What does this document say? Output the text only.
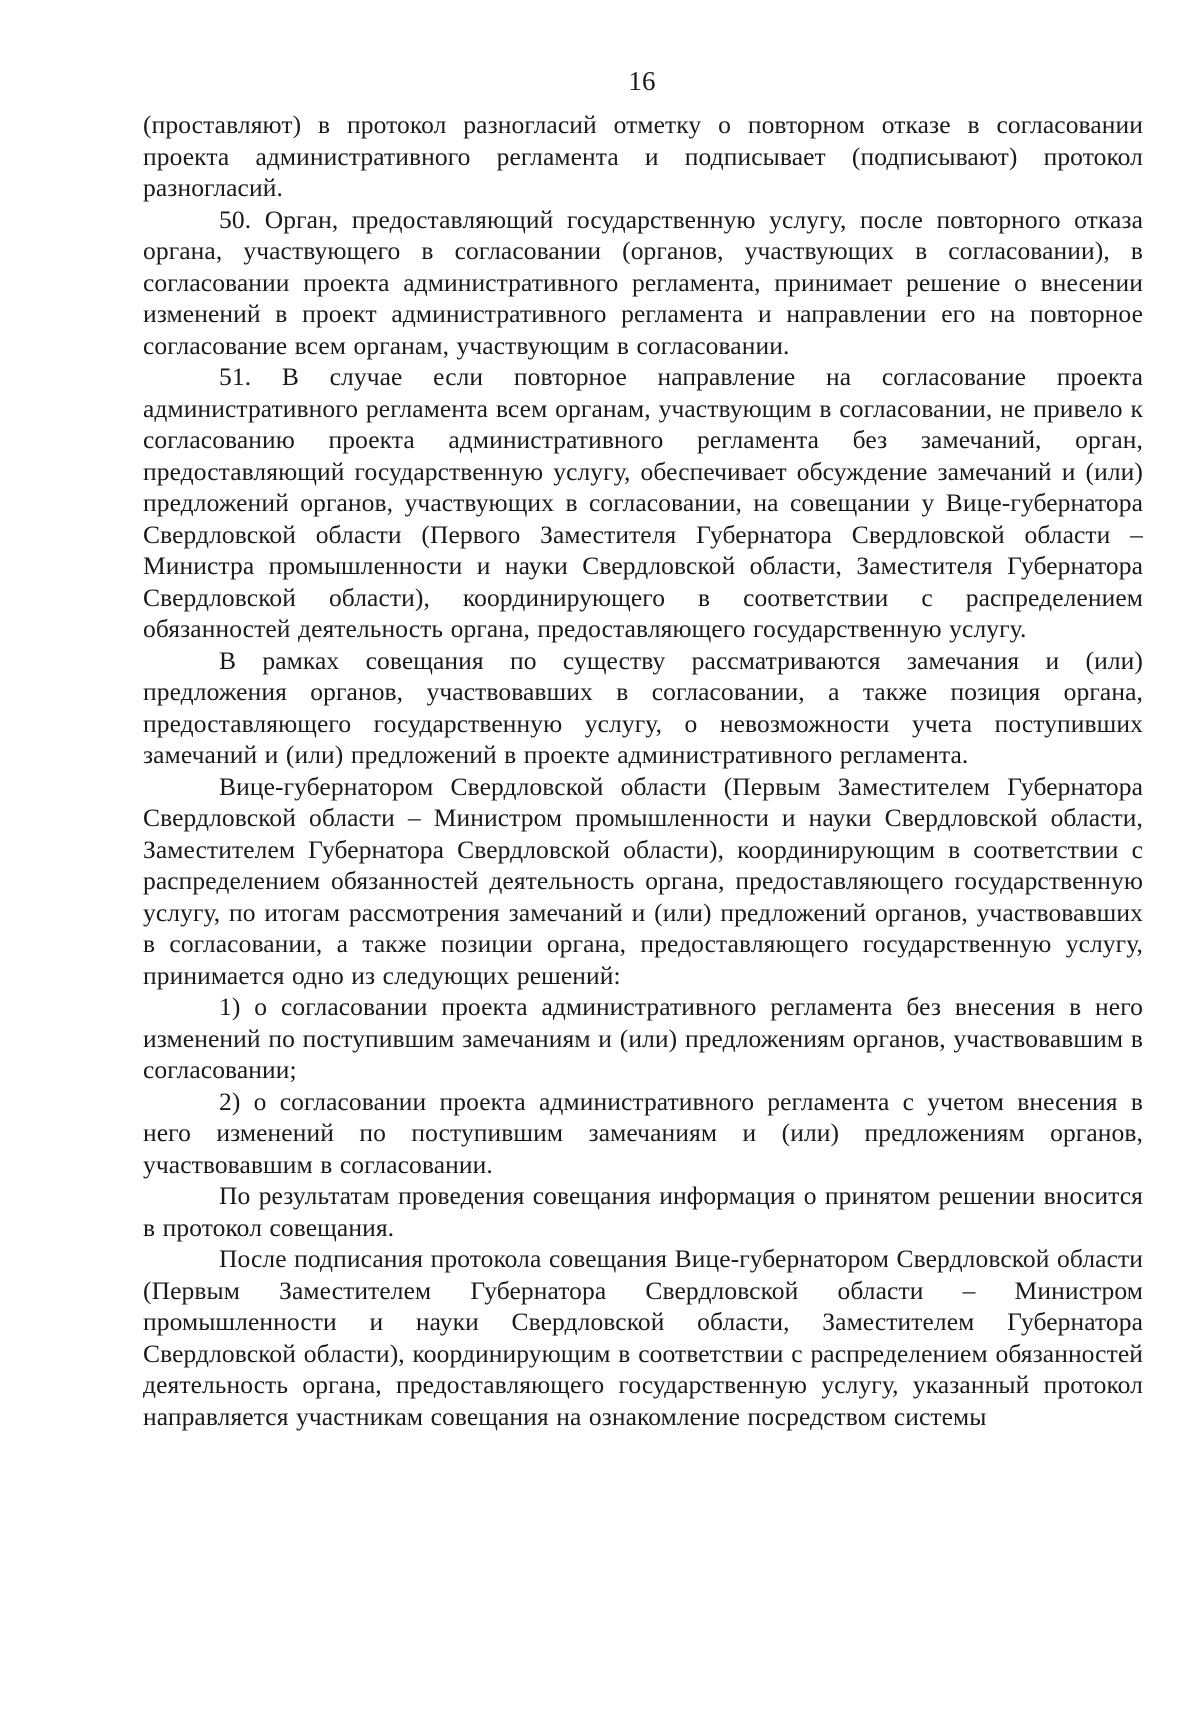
16

(проставляют) в протокол разногласий отметку о повторном отказе в согласовании проекта административного регламента и подписывает (подписывают) протокол разногласий.

50. Орган, предоставляющий государственную услугу, после повторного отказа органа, участвующего в согласовании (органов, участвующих в согласовании), в согласовании проекта административного регламента, принимает решение о внесении изменений в проект административного регламента и направлении его на повторное согласование всем органам, участвующим в согласовании.

51. В случае если повторное направление на согласование проекта административного регламента всем органам, участвующим в согласовании, не привело к согласованию проекта административного регламента без замечаний, орган, предоставляющий государственную услугу, обеспечивает обсуждение замечаний и (или) предложений органов, участвующих в согласовании, на совещании у Вице-губернатора Свердловской области (Первого Заместителя Губернатора Свердловской области – Министра промышленности и науки Свердловской области, Заместителя Губернатора Свердловской области), координирующего в соответствии с распределением обязанностей деятельность органа, предоставляющего государственную услугу.

В рамках совещания по существу рассматриваются замечания и (или) предложения органов, участвовавших в согласовании, а также позиция органа, предоставляющего государственную услугу, о невозможности учета поступивших замечаний и (или) предложений в проекте административного регламента.

Вице-губернатором Свердловской области (Первым Заместителем Губернатора Свердловской области – Министром промышленности и науки Свердловской области, Заместителем Губернатора Свердловской области), координирующим в соответствии с распределением обязанностей деятельность органа, предоставляющего государственную услугу, по итогам рассмотрения замечаний и (или) предложений органов, участвовавших в согласовании, а также позиции органа, предоставляющего государственную услугу, принимается одно из следующих решений:

1) о согласовании проекта административного регламента без внесения в него изменений по поступившим замечаниям и (или) предложениям органов, участвовавшим в согласовании;

2) о согласовании проекта административного регламента с учетом внесения в него изменений по поступившим замечаниям и (или) предложениям органов, участвовавшим в согласовании.

По результатам проведения совещания информация о принятом решении вносится в протокол совещания.

После подписания протокола совещания Вице-губернатором Свердловской области (Первым Заместителем Губернатора Свердловской области – Министром промышленности и науки Свердловской области, Заместителем Губернатора Свердловской области), координирующим в соответствии с распределением обязанностей деятельность органа, предоставляющего государственную услугу, указанный протокол направляется участникам совещания на ознакомление посредством системы
